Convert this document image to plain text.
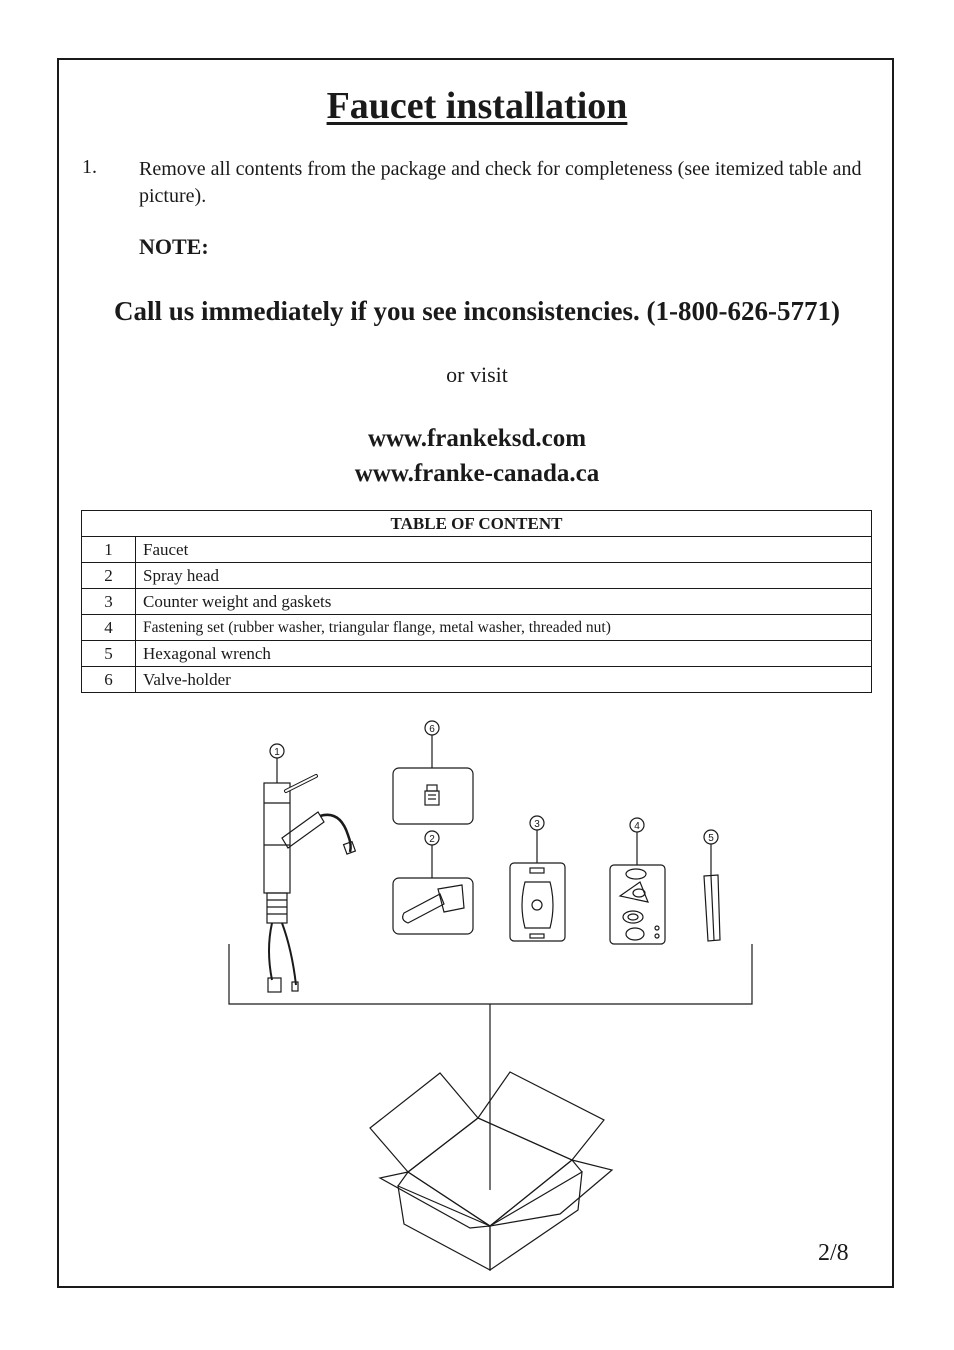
Faucet installation
1. Remove all contents from the package and check for completeness (see itemized table and picture).
NOTE:
Call us immediately if you see inconsistencies. (1-800-626-5771)
or visit
www.frankeksd.com
www.franke-canada.ca
TABLE OF CONTENT	
1	Faucet
2	Spray head
3	Counter weight and gaskets
4	Fastening set (rubber washer, triangular flange, metal washer, threaded nut)
5	Hexagonal wrench
6	Valve-holder
1
6
2
3	4
5
2/8
